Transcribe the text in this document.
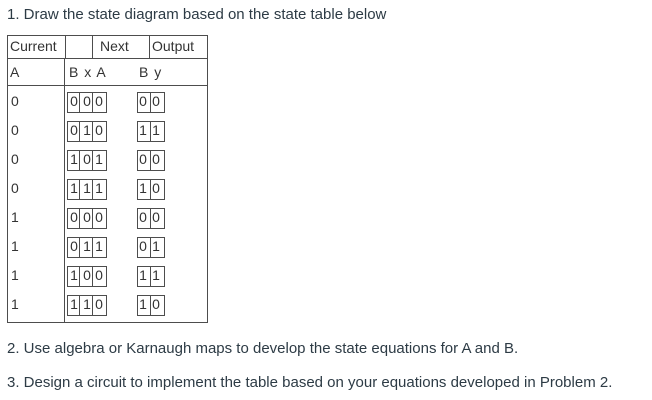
1. Draw the state diagram based on the state table below
Current	Next Output
A	B x A B y
0	0 0 0	0 0
0	0 1 0	1 1
0	1 0 1	0 0
0	1 1 1	1 0
1	0 0 0	0 0
1	0 1 1	0 1
1	1 0 0	1 1
1	1 1 0	1 0
2. Use algebra or Karnaugh maps to develop the state equations for A and B.
3. Design a circuit to implement the table based on your equations developed in Problem 2.
